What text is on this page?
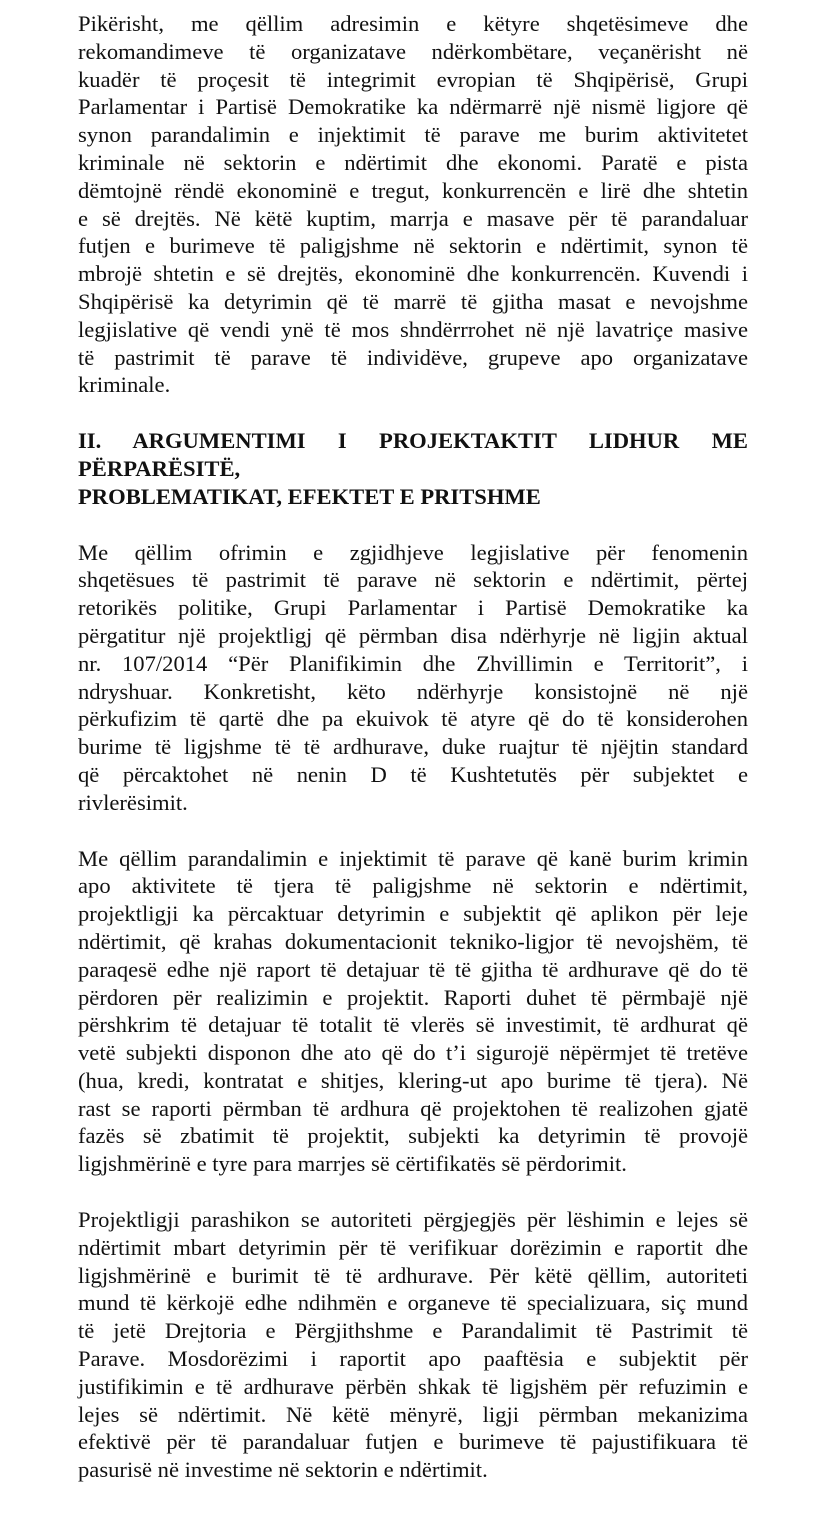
Pikërisht, me qëllim adresimin e këtyre shqetësimeve dhe
rekomandimeve të organizatave ndërkombëtare, veçanërisht në
kuadër të proçesit të integrimit evropian të Shqipërisë, Grupi
Parlamentar i Partisë Demokratike ka ndërmarrë një nismë ligjore që
synon parandalimin e injektimit të parave me burim aktivitetet
kriminale në sektorin e ndërtimit dhe ekonomi. Paratë e pista
dëmtojnë rëndë ekonominë e tregut, konkurrencën e lirë dhe shtetin
e së drejtës. Në këtë kuptim, marrja e masave për të parandaluar
futjen e burimeve të paligjshme në sektorin e ndërtimit, synon të
mbrojë shtetin e së drejtës, ekonominë dhe konkurrencën. Kuvendi i
Shqipërisë ka detyrimin që të marrë të gjitha masat e nevojshme
legjislative që vendi ynë të mos shndërrrohet në një lavatriçe masive
të pastrimit të parave të individëve, grupeve apo organizatave
kriminale.
II. ARGUMENTIMI I PROJEKTAKTIT LIDHUR ME
PËRPARËSITË,
PROBLEMATIKAT, EFEKTET E PRITSHME
Me qëllim ofrimin e zgjidhjeve legjislative për fenomenin
shqetësues të pastrimit të parave në sektorin e ndërtimit, përtej
retorikës politike, Grupi Parlamentar i Partisë Demokratike ka
përgatitur një projektligj që përmban disa ndërhyrje në ligjin aktual
nr. 107/2014 “Për Planifikimin dhe Zhvillimin e Territorit”, i
ndryshuar. Konkretisht, këto ndërhyrje konsistojnë në një
përkufizim të qartë dhe pa ekuivok të atyre që do të konsiderohen
burime të ligjshme të të ardhurave, duke ruajtur të njëjtin standard
që përcaktohet në nenin D të Kushtetutës për subjektet e
rivlerësimit.
Me qëllim parandalimin e injektimit të parave që kanë burim krimin
apo aktivitete të tjera të paligjshme në sektorin e ndërtimit,
projektligji ka përcaktuar detyrimin e subjektit që aplikon për leje
ndërtimit, që krahas dokumentacionit tekniko-ligjor të nevojshëm, të
paraqesë edhe një raport të detajuar të të gjitha të ardhurave që do të
përdoren për realizimin e projektit. Raporti duhet të përmbajë një
përshkrim të detajuar të totalit të vlerës së investimit, të ardhurat që
vetë subjekti disponon dhe ato që do t’i sigurojë nëpërmjet të tretëve
(hua, kredi, kontratat e shitjes, klering-ut apo burime të tjera). Në
rast se raporti përmban të ardhura që projektohen të realizohen gjatë
fazës së zbatimit të projektit, subjekti ka detyrimin të provojë
ligjshmërinë e tyre para marrjes së cërtifikatës së përdorimit.
Projektligji parashikon se autoriteti përgjegjës për lëshimin e lejes së
ndërtimit mbart detyrimin për të verifikuar dorëzimin e raportit dhe
ligjshmërinë e burimit të të ardhurave. Për këtë qëllim, autoriteti
mund të kërkojë edhe ndihmën e organeve të specializuara, siç mund
të jetë Drejtoria e Përgjithshme e Parandalimit të Pastrimit të
Parave. Mosdorëzimi i raportit apo paaftësia e subjektit për
justifikimin e të ardhurave përbën shkak të ligjshëm për refuzimin e
lejes së ndërtimit. Në këtë mënyrë, ligji përmban mekanizima
efektivë për të parandaluar futjen e burimeve të pajustifikuara të
pasurisë në investime në sektorin e ndërtimit.
